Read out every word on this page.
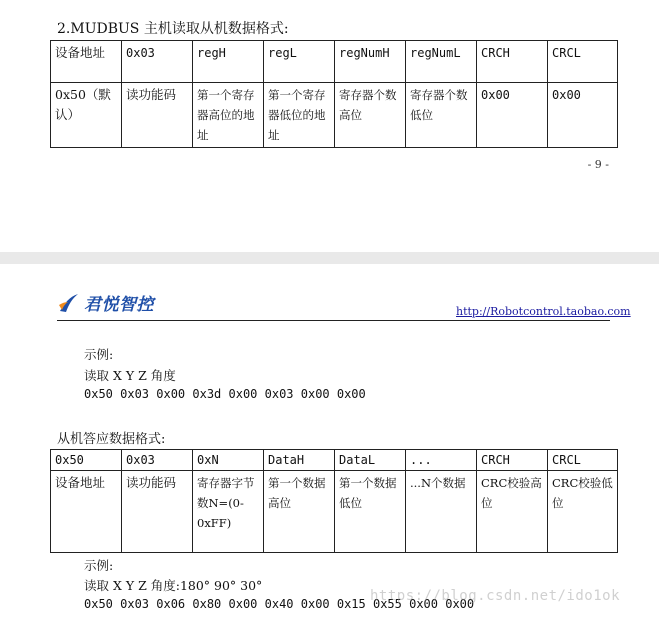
2.MUDBUS 主机读取从机数据格式:
设备地址	0x03	regH	regL	regNumH	regNumL	CRCH	CRCL
0x50（默认）	读功能码	第一个寄存器高位的地址	第一个寄存器低位的地址	寄存器个数高位	寄存器个数低位	0x00	0x00
- 9 -
君悦智控	http://Robotcontrol.taobao.com
示例:
读取 X Y Z 角度
0x50 0x03 0x00 0x3d 0x00 0x03 0x00 0x00
从机答应数据格式:
0x50	0x03	0xN	DataH	DataL	...	CRCH	CRCL
设备地址	读功能码	寄存器字节数N=(0-0xFF)	第一个数据高位	第一个数据低位	...N个数据	CRC校验高位	CRC校验低位
示例:
读取 X Y Z 角度:180° 90° 30°
0x50 0x03 0x06 0x80 0x00 0x40 0x00 0x15 0x55 0x00 0x00
https://blog.csdn.net/ido1ok
